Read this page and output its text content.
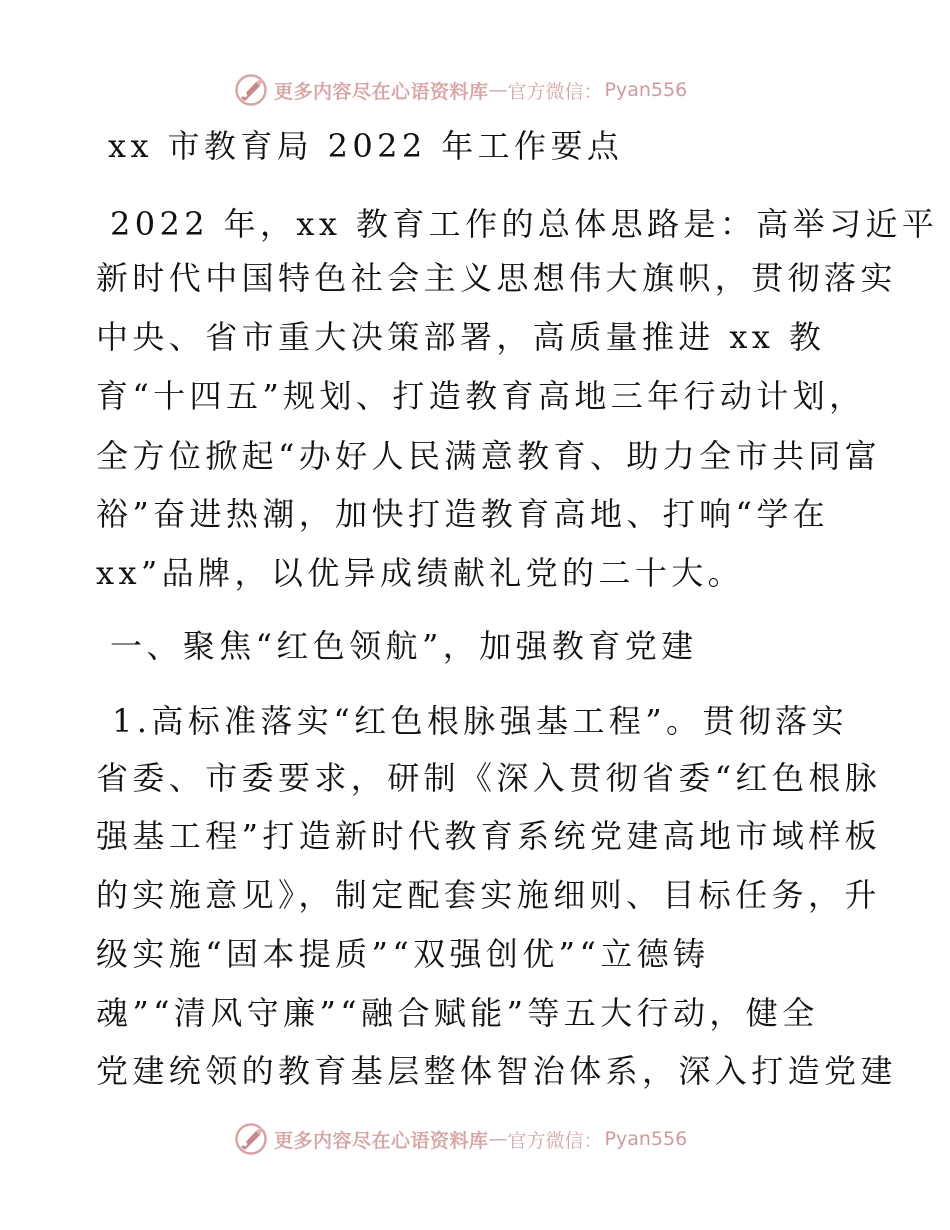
更多内容尽在心语资料库 — 官方微信： Pyan556
xx 市教育局 2022 年工作要点
2022 年，xx 教育工作的总体思路是：高举习近平
新时代中国特色社会主义思想伟大旗帜，贯彻落实
中央、省市重大决策部署，高质量推进 xx 教
育“十四五”规划、打造教育高地三年行动计划，
全方位掀起“办好人民满意教育、助力全市共同富
裕”奋进热潮，加快打造教育高地、打响“学在
xx”品牌，以优异成绩献礼党的二十大。
一、聚焦“红色领航”，加强教育党建
1.高标准落实“红色根脉强基工程”。贯彻落实
省委、市委要求，研制《深入贯彻省委“红色根脉
强基工程”打造新时代教育系统党建高地市域样板
的实施意见》，制定配套实施细则、目标任务，升
级实施“固本提质”“双强创优”“立德铸
魂”“清风守廉”“融合赋能”等五大行动，健全
党建统领的教育基层整体智治体系，深入打造党建
更多内容尽在心语资料库 — 官方微信： Pyan556
